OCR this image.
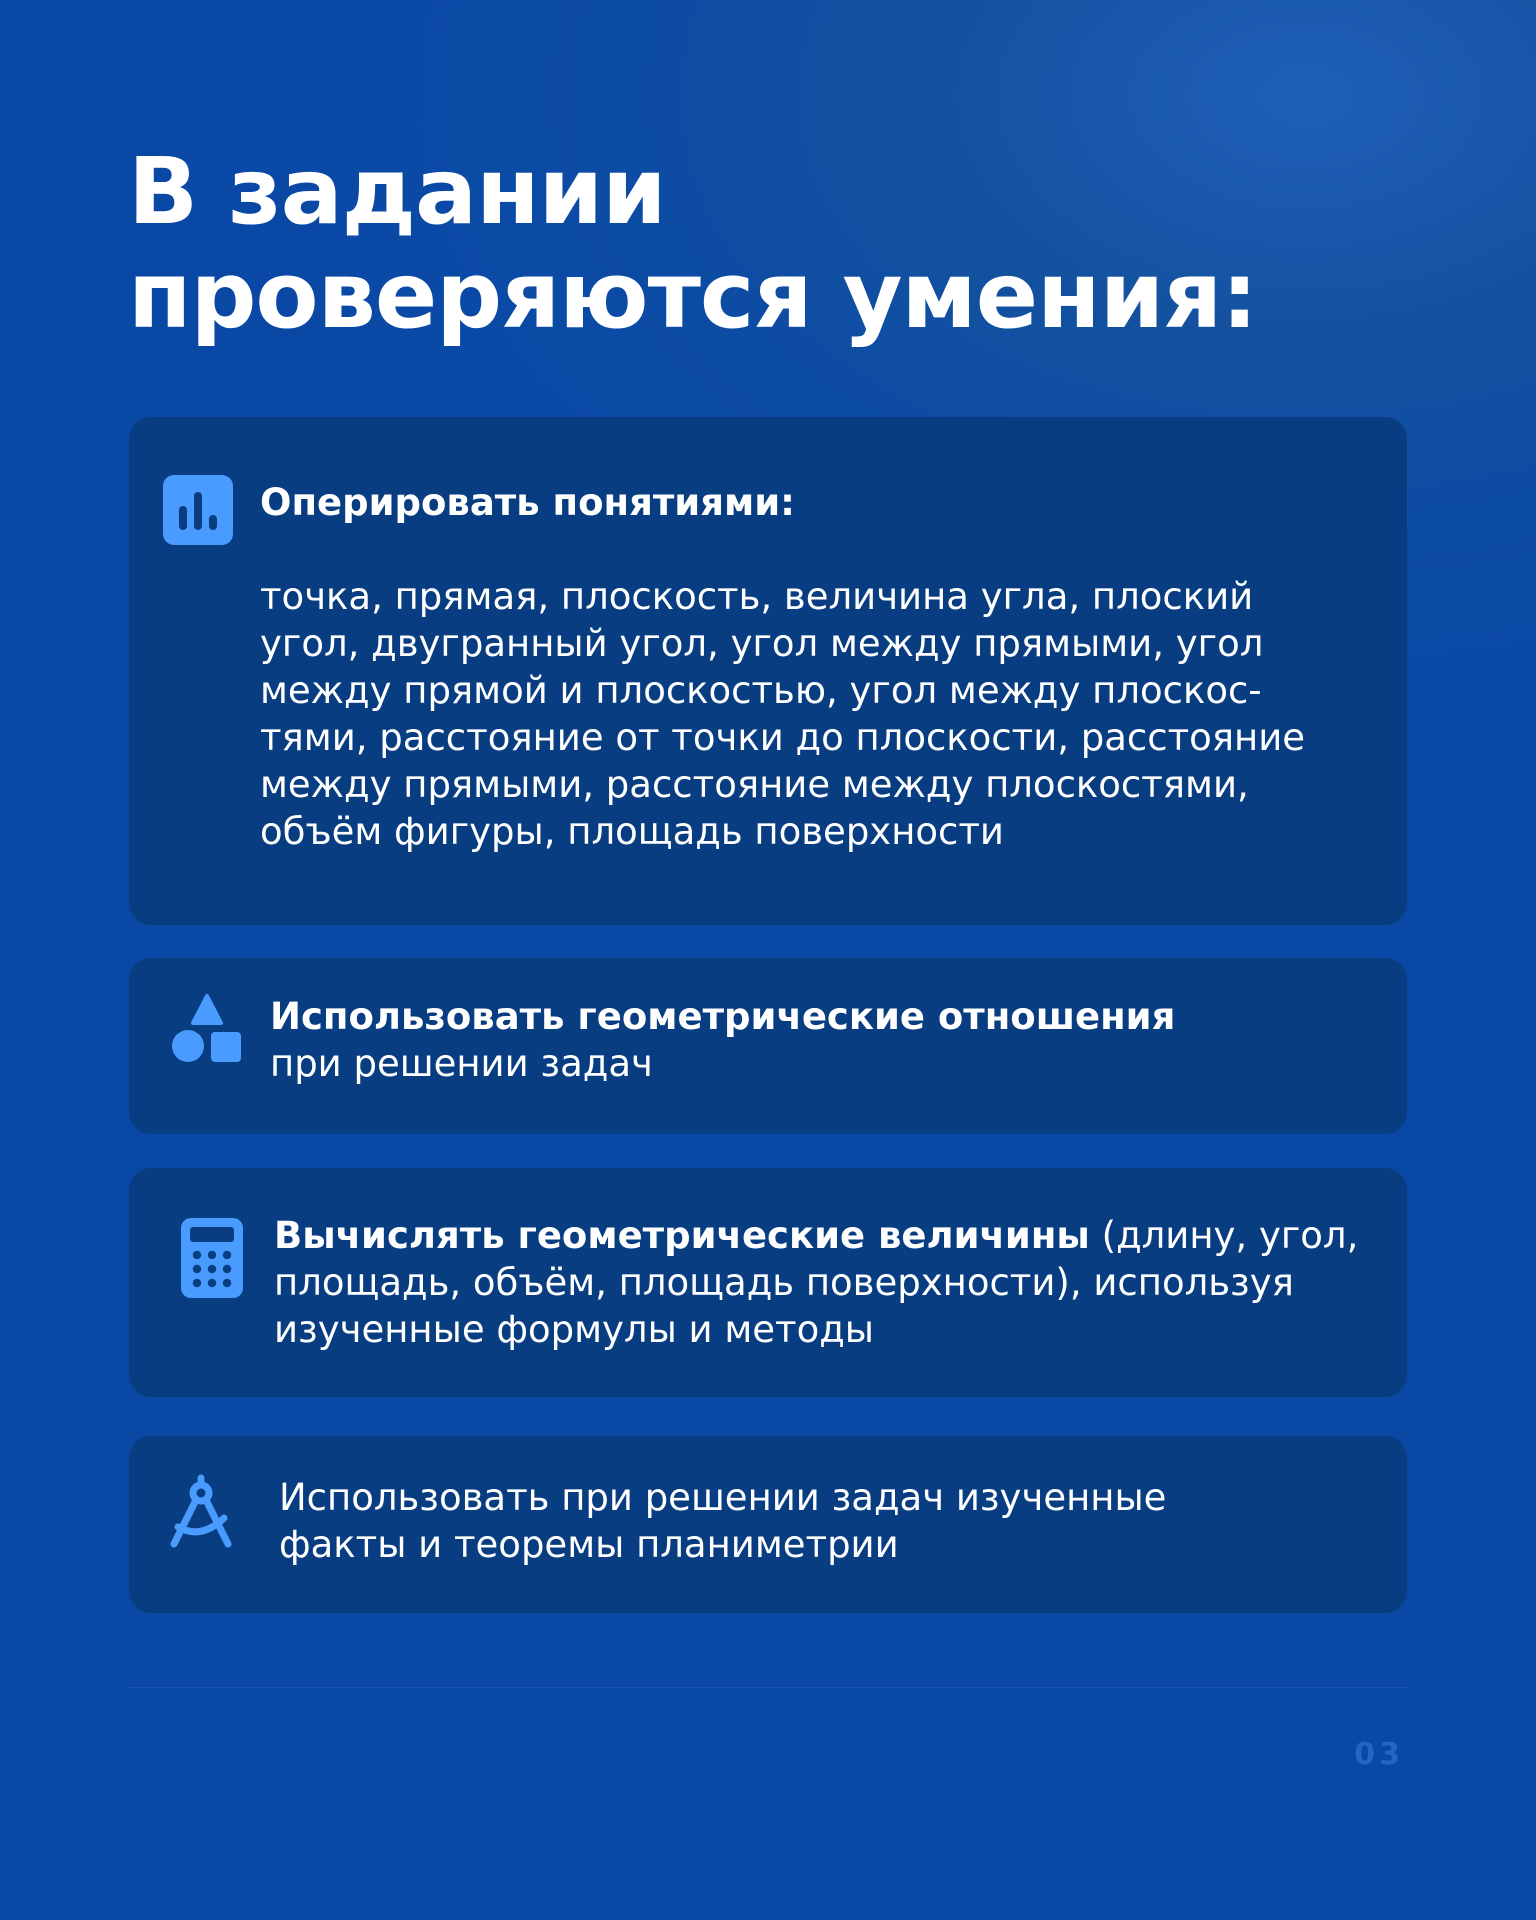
В задании
проверяются умения:

Оперировать понятиями:

точка, прямая, плоскость, величина угла, плоский
угол, двугранный угол, угол между прямыми, угол
между прямой и плоскостью, угол между плоскос-
тями, расстояние от точки до плоскости, расстояние
между прямыми, расстояние между плоскостями,
объём фигуры, площадь поверхности

Использовать геометрические отношения
при решении задач

Вычислять геометрические величины (длину, угол,
площадь, объём, площадь поверхности), используя
изученные формулы и методы

Использовать при решении задач изученные
факты и теоремы планиметрии

03
